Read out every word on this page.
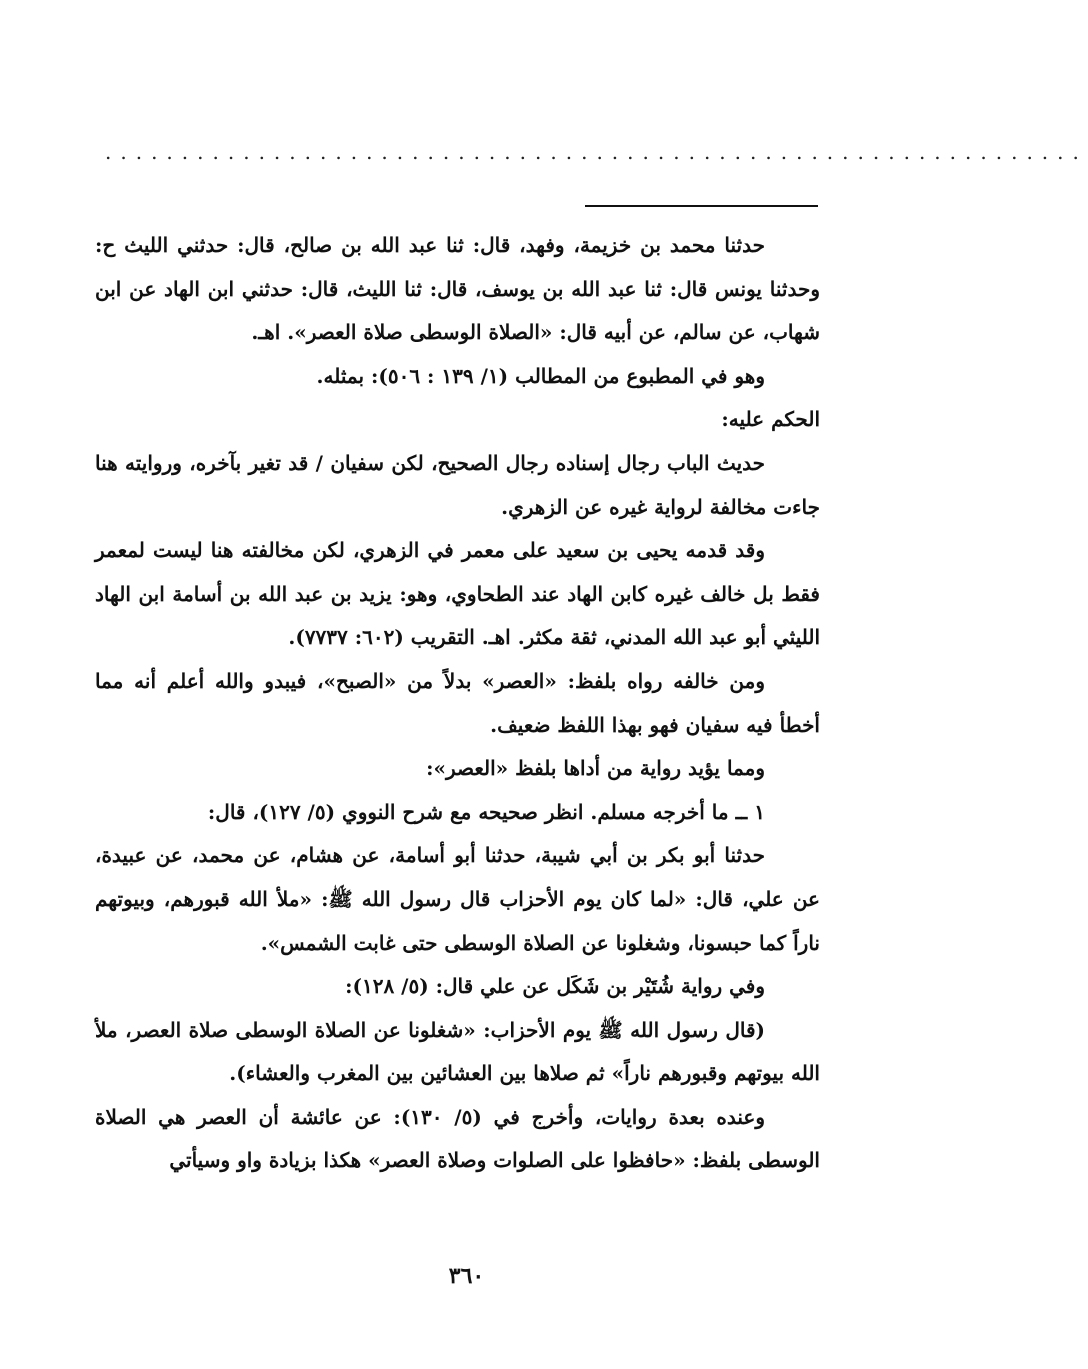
................................................................

حدثنا محمد بن خزيمة، وفهد، قال: ثنا عبد الله بن صالح، قال: حدثني الليث ح: وحدثنا يونس قال: ثنا عبد الله بن يوسف، قال: ثنا الليث، قال: حدثني ابن الهاد عن ابن شهاب، عن سالم، عن أبيه قال: «الصلاة الوسطى صلاة العصر». اهـ.

وهو في المطبوع من المطالب (١/ ١٣٩ : ٥٠٦): بمثله.

الحكم عليه:

حديث الباب رجال إسناده رجال الصحيح، لكن سفيان / قد تغير بآخره، وروايته هنا جاءت مخالفة لرواية غيره عن الزهري.

وقد قدمه يحيى بن سعيد على معمر في الزهري، لكن مخالفته هنا ليست لمعمر فقط بل خالف غيره كابن الهاد عند الطحاوي، وهو: يزيد بن عبد الله بن أسامة ابن الهاد الليثي أبو عبد الله المدني، ثقة مكثر. اهـ. التقريب (٦٠٢: ٧٧٣٧).

ومن خالفه رواه بلفظ: «العصر» بدلاً من «الصبح»، فيبدو والله أعلم أنه مما أخطأ فيه سفيان فهو بهذا اللفظ ضعيف.

ومما يؤيد رواية من أداها بلفظ «العصر»:

١ ــ ما أخرجه مسلم. انظر صحيحه مع شرح النووي (٥/ ١٢٧)، قال:

حدثنا أبو بكر بن أبي شيبة، حدثنا أبو أسامة، عن هشام، عن محمد، عن عبيدة، عن علي، قال: «لما كان يوم الأحزاب قال رسول الله ﷺ: «ملأ الله قبورهم، وبيوتهم ناراً كما حبسونا، وشغلونا عن الصلاة الوسطى حتى غابت الشمس».

وفي رواية شُتَيْر بن شَكَل عن علي قال: (٥/ ١٢٨):

(قال رسول الله ﷺ يوم الأحزاب: «شغلونا عن الصلاة الوسطى صلاة العصر، ملأ الله بيوتهم وقبورهم ناراً» ثم صلاها بين العشائين بين المغرب والعشاء).

وعنده بعدة روايات، وأخرج في (٥/ ١٣٠): عن عائشة أن العصر هي الصلاة الوسطى بلفظ: «حافظوا على الصلوات وصلاة العصر» هكذا بزيادة واو وسيأتي

٣٦٠
